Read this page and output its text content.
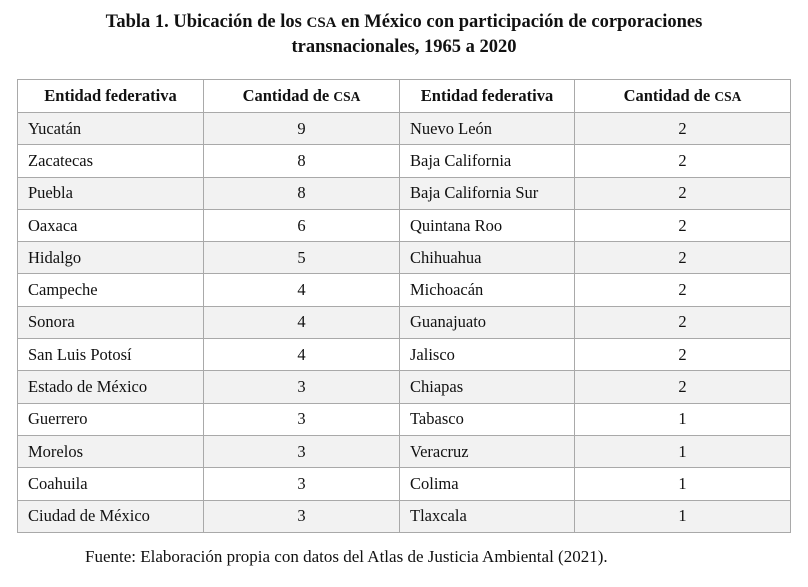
Tabla 1. Ubicación de los CSA en México con participación de corporaciones
transnacionales, 1965 a 2020
Entidad federativa	Cantidad de CSA	Entidad federativa	Cantidad de CSA
Yucatán	9	Nuevo León	2
Zacatecas	8	Baja California	2
Puebla	8	Baja California Sur	2
Oaxaca	6	Quintana Roo	2
Hidalgo	5	Chihuahua	2
Campeche	4	Michoacán	2
Sonora	4	Guanajuato	2
San Luis Potosí	4	Jalisco	2
Estado de México	3	Chiapas	2
Guerrero	3	Tabasco	1
Morelos	3	Veracruz	1
Coahuila	3	Colima	1
Ciudad de México	3	Tlaxcala	1
Fuente: Elaboración propia con datos del Atlas de Justicia Ambiental (2021).
